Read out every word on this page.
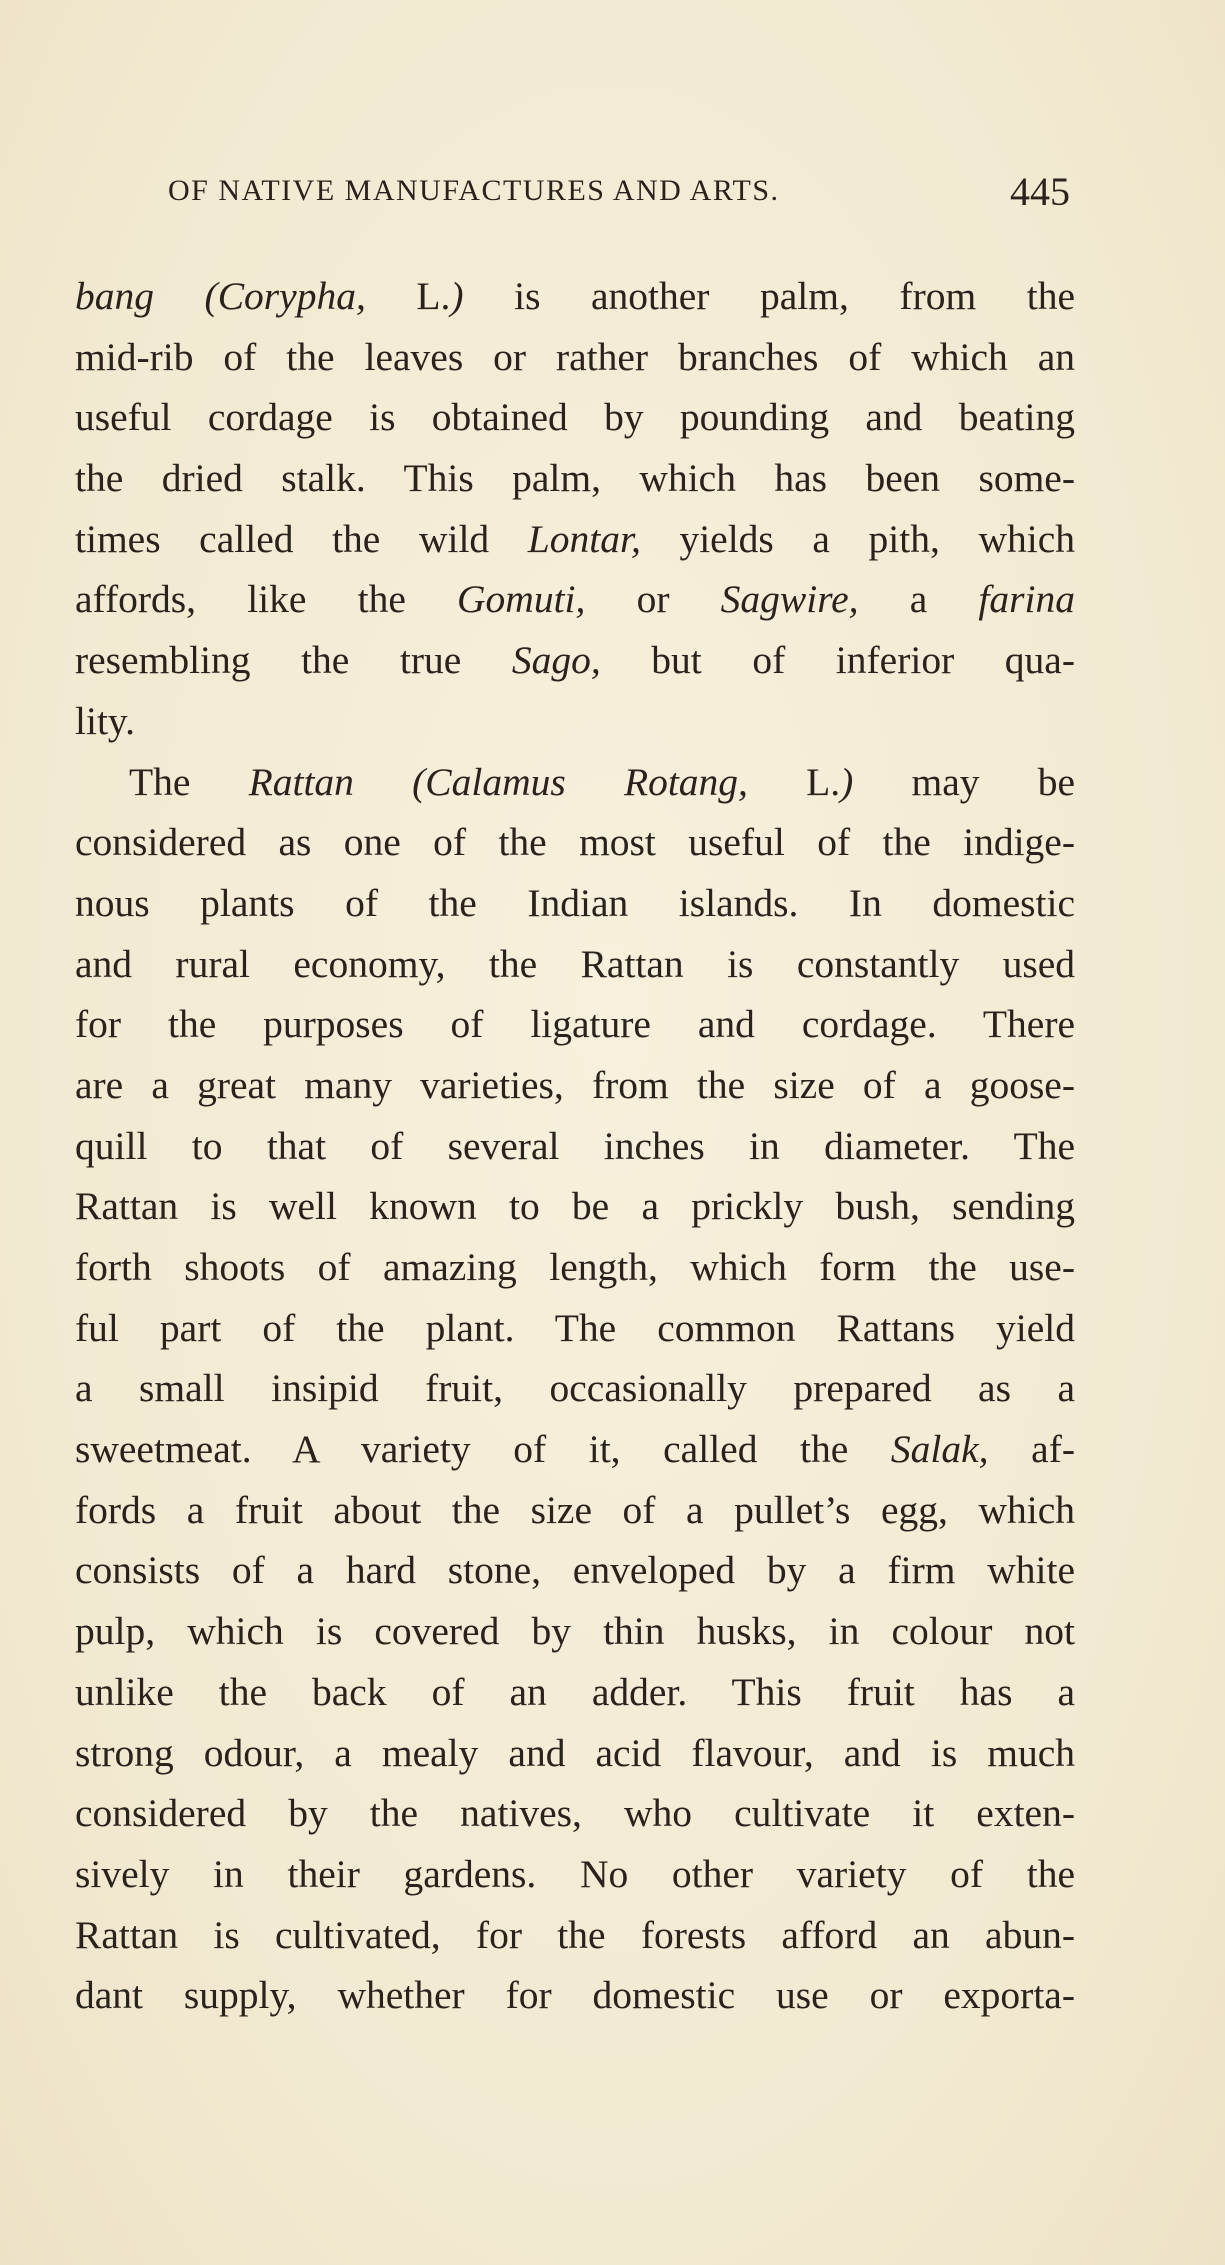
OF NATIVE MANUFACTURES AND ARTS.	445
bang (Corypha, L.) is another palm, from the
mid-rib of the leaves or rather branches of which an
useful cordage is obtained by pounding and beating
the dried stalk. This palm, which has been some-
times called the wild Lontar, yields a pith, which
affords, like the Gomuti, or Sagwire, a farina
resembling the true Sago, but of inferior qua-
lity.
The Rattan (Calamus Rotang, L.) may be
considered as one of the most useful of the indige-
nous plants of the Indian islands. In domestic
and rural economy, the Rattan is constantly used
for the purposes of ligature and cordage. There
are a great many varieties, from the size of a goose-
quill to that of several inches in diameter. The
Rattan is well known to be a prickly bush, sending
forth shoots of amazing length, which form the use-
ful part of the plant. The common Rattans yield
a small insipid fruit, occasionally prepared as a
sweetmeat. A variety of it, called the Salak, af-
fords a fruit about the size of a pullet’s egg, which
consists of a hard stone, enveloped by a firm white
pulp, which is covered by thin husks, in colour not
unlike the back of an adder. This fruit has a
strong odour, a mealy and acid flavour, and is much
considered by the natives, who cultivate it exten-
sively in their gardens. No other variety of the
Rattan is cultivated, for the forests afford an abun-
dant supply, whether for domestic use or exporta-
